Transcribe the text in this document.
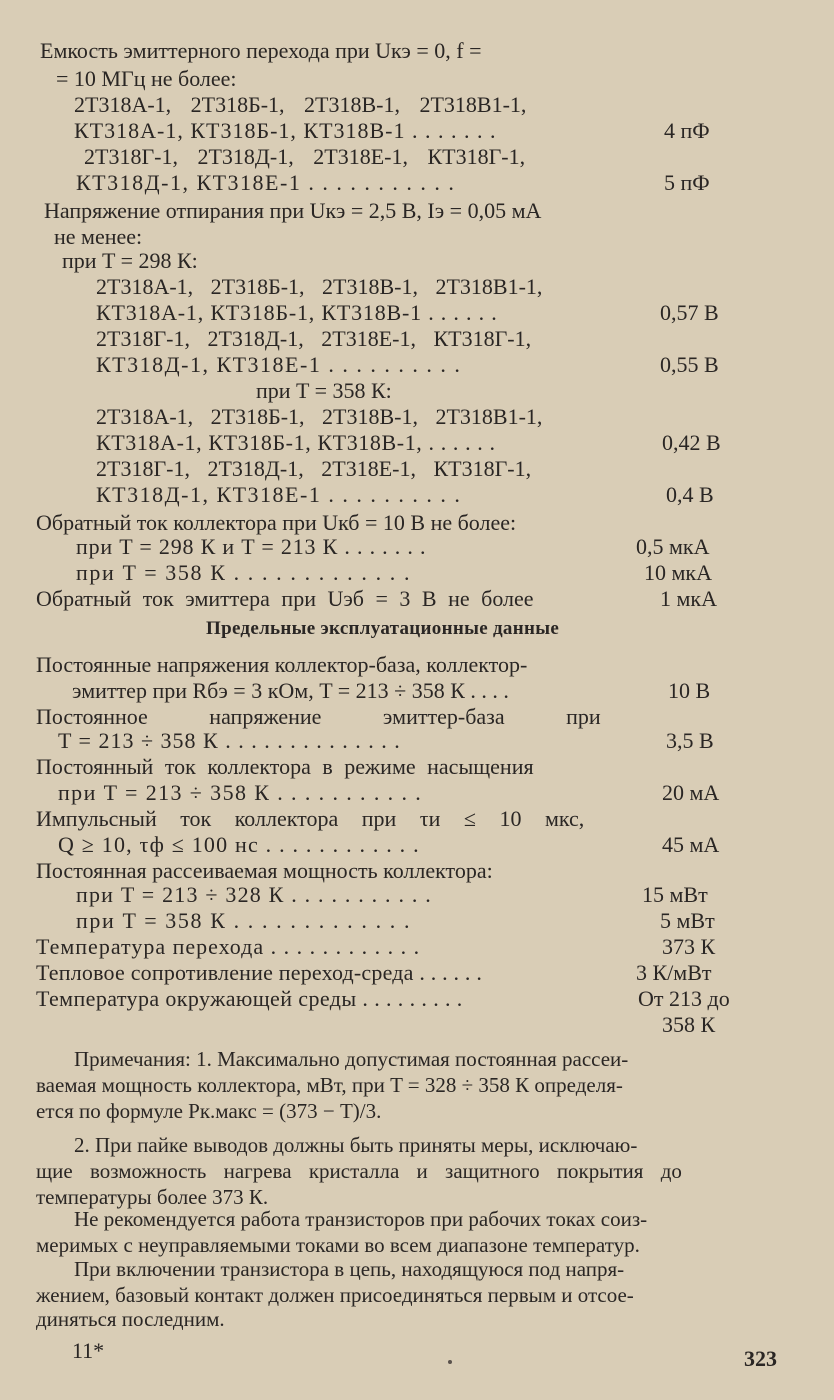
Емкость эмиттерного перехода при Uкэ = 0, f =
= 10 МГц не более:
2Т318А-1, 2Т318Б-1, 2Т318В-1, 2Т318В1-1,
КТ318А-1, КТ318Б-1, КТ318В-1 . . . . . . .	4 пФ
2Т318Г-1, 2Т318Д-1, 2Т318Е-1, КТ318Г-1,
КТ318Д-1, КТ318Е-1 . . . . . . . . . . .	5 пФ
Напряжение отпирания при Uкэ = 2,5 В, Iэ = 0,05 мА
не менее:
при T = 298 К:
2Т318А-1, 2Т318Б-1, 2Т318В-1, 2Т318В1-1,
КТ318А-1, КТ318Б-1, КТ318В-1 . . . . . .	0,57 В
2Т318Г-1, 2Т318Д-1, 2Т318Е-1, КТ318Г-1,
КТ318Д-1, КТ318Е-1 . . . . . . . . . .	0,55 В
при T = 358 К:
2Т318А-1, 2Т318Б-1, 2Т318В-1, 2Т318В1-1,
КТ318А-1, КТ318Б-1, КТ318В-1, . . . . . .	0,42 В
2Т318Г-1, 2Т318Д-1, 2Т318Е-1, КТ318Г-1,
КТ318Д-1, КТ318Е-1 . . . . . . . . . .	0,4 В
Обратный ток коллектора при Uкб = 10 В не более:
при T = 298 К и T = 213 К . . . . . . .	0,5 мкА
при T = 358 К . . . . . . . . . . . . .	10 мкА
Обратный ток эмиттера при Uэб = 3 В не более	1 мкА
Предельные эксплуатационные данные
Постоянные напряжения коллектор-база, коллектор-
эмиттер при Rбэ = 3 кОм, T = 213 ÷ 358 К . . . .	10 В
Постоянное напряжение эмиттер-база при
T = 213 ÷ 358 К . . . . . . . . . . . . . .	3,5 В
Постоянный ток коллектора в режиме насыщения
при T = 213 ÷ 358 К . . . . . . . . . . .	20 мА
Импульсный ток коллектора при τи ≤ 10 мкс,
Q ≥ 10, τф ≤ 100 нс . . . . . . . . . . . .	45 мА
Постоянная рассеиваемая мощность коллектора:
при T = 213 ÷ 328 К . . . . . . . . . . .	15 мВт
при T = 358 К . . . . . . . . . . . . .	5 мВт
Температура перехода . . . . . . . . . . . .	373 К
Тепловое сопротивление переход-среда . . . . . .	3 К/мВт
Температура окружающей среды . . . . . . . . .	От 213 до
358 К
Примечания: 1. Максимально допустимая постоянная рассеи-
ваемая мощность коллектора, мВт, при T = 328 ÷ 358 К определя-
ется по формуле Pк.макс = (373 − T)/3.
2. При пайке выводов должны быть приняты меры, исключаю-
щие возможность нагрева кристалла и защитного покрытия до
температуры более 373 К.
Не рекомендуется работа транзисторов при рабочих токах соиз-
меримых с неуправляемыми токами во всем диапазоне температур.
При включении транзистора в цепь, находящуюся под напря-
жением, базовый контакт должен присоединяться первым и отсое-
диняться последним.
11*	323
